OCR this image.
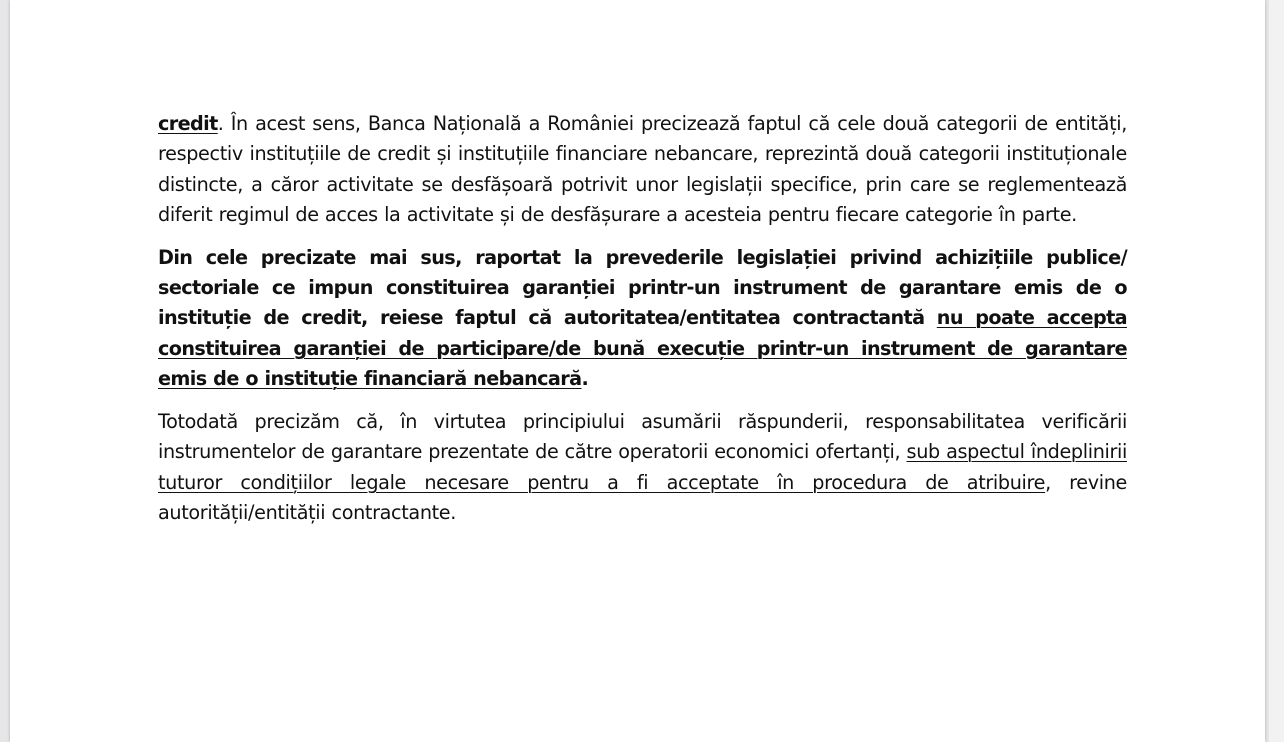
credit. În acest sens, Banca Națională a României precizează faptul că cele două categorii de entități, respectiv instituțiile de credit și instituțiile financiare nebancare, reprezintă două categorii instituționale distincte, a căror activitate se desfășoară potrivit unor legislații specifice, prin care se reglementează diferit regimul de acces la activitate și de desfășurare a acesteia pentru fiecare categorie în parte.

Din cele precizate mai sus, raportat la prevederile legislației privind achizițiile publice/ sectoriale ce impun constituirea garanției printr-un instrument de garantare emis de o instituție de credit, reiese faptul că autoritatea/entitatea contractantă nu poate accepta constituirea garanției de participare/de bună execuție printr-un instrument de garantare emis de o instituție financiară nebancară.

Totodată precizăm că, în virtutea principiului asumării răspunderii, responsabilitatea verificării instrumentelor de garantare prezentate de către operatorii economici ofertanți, sub aspectul îndeplinirii tuturor condițiilor legale necesare pentru a fi acceptate în procedura de atribuire, revine autorității/entității contractante.
